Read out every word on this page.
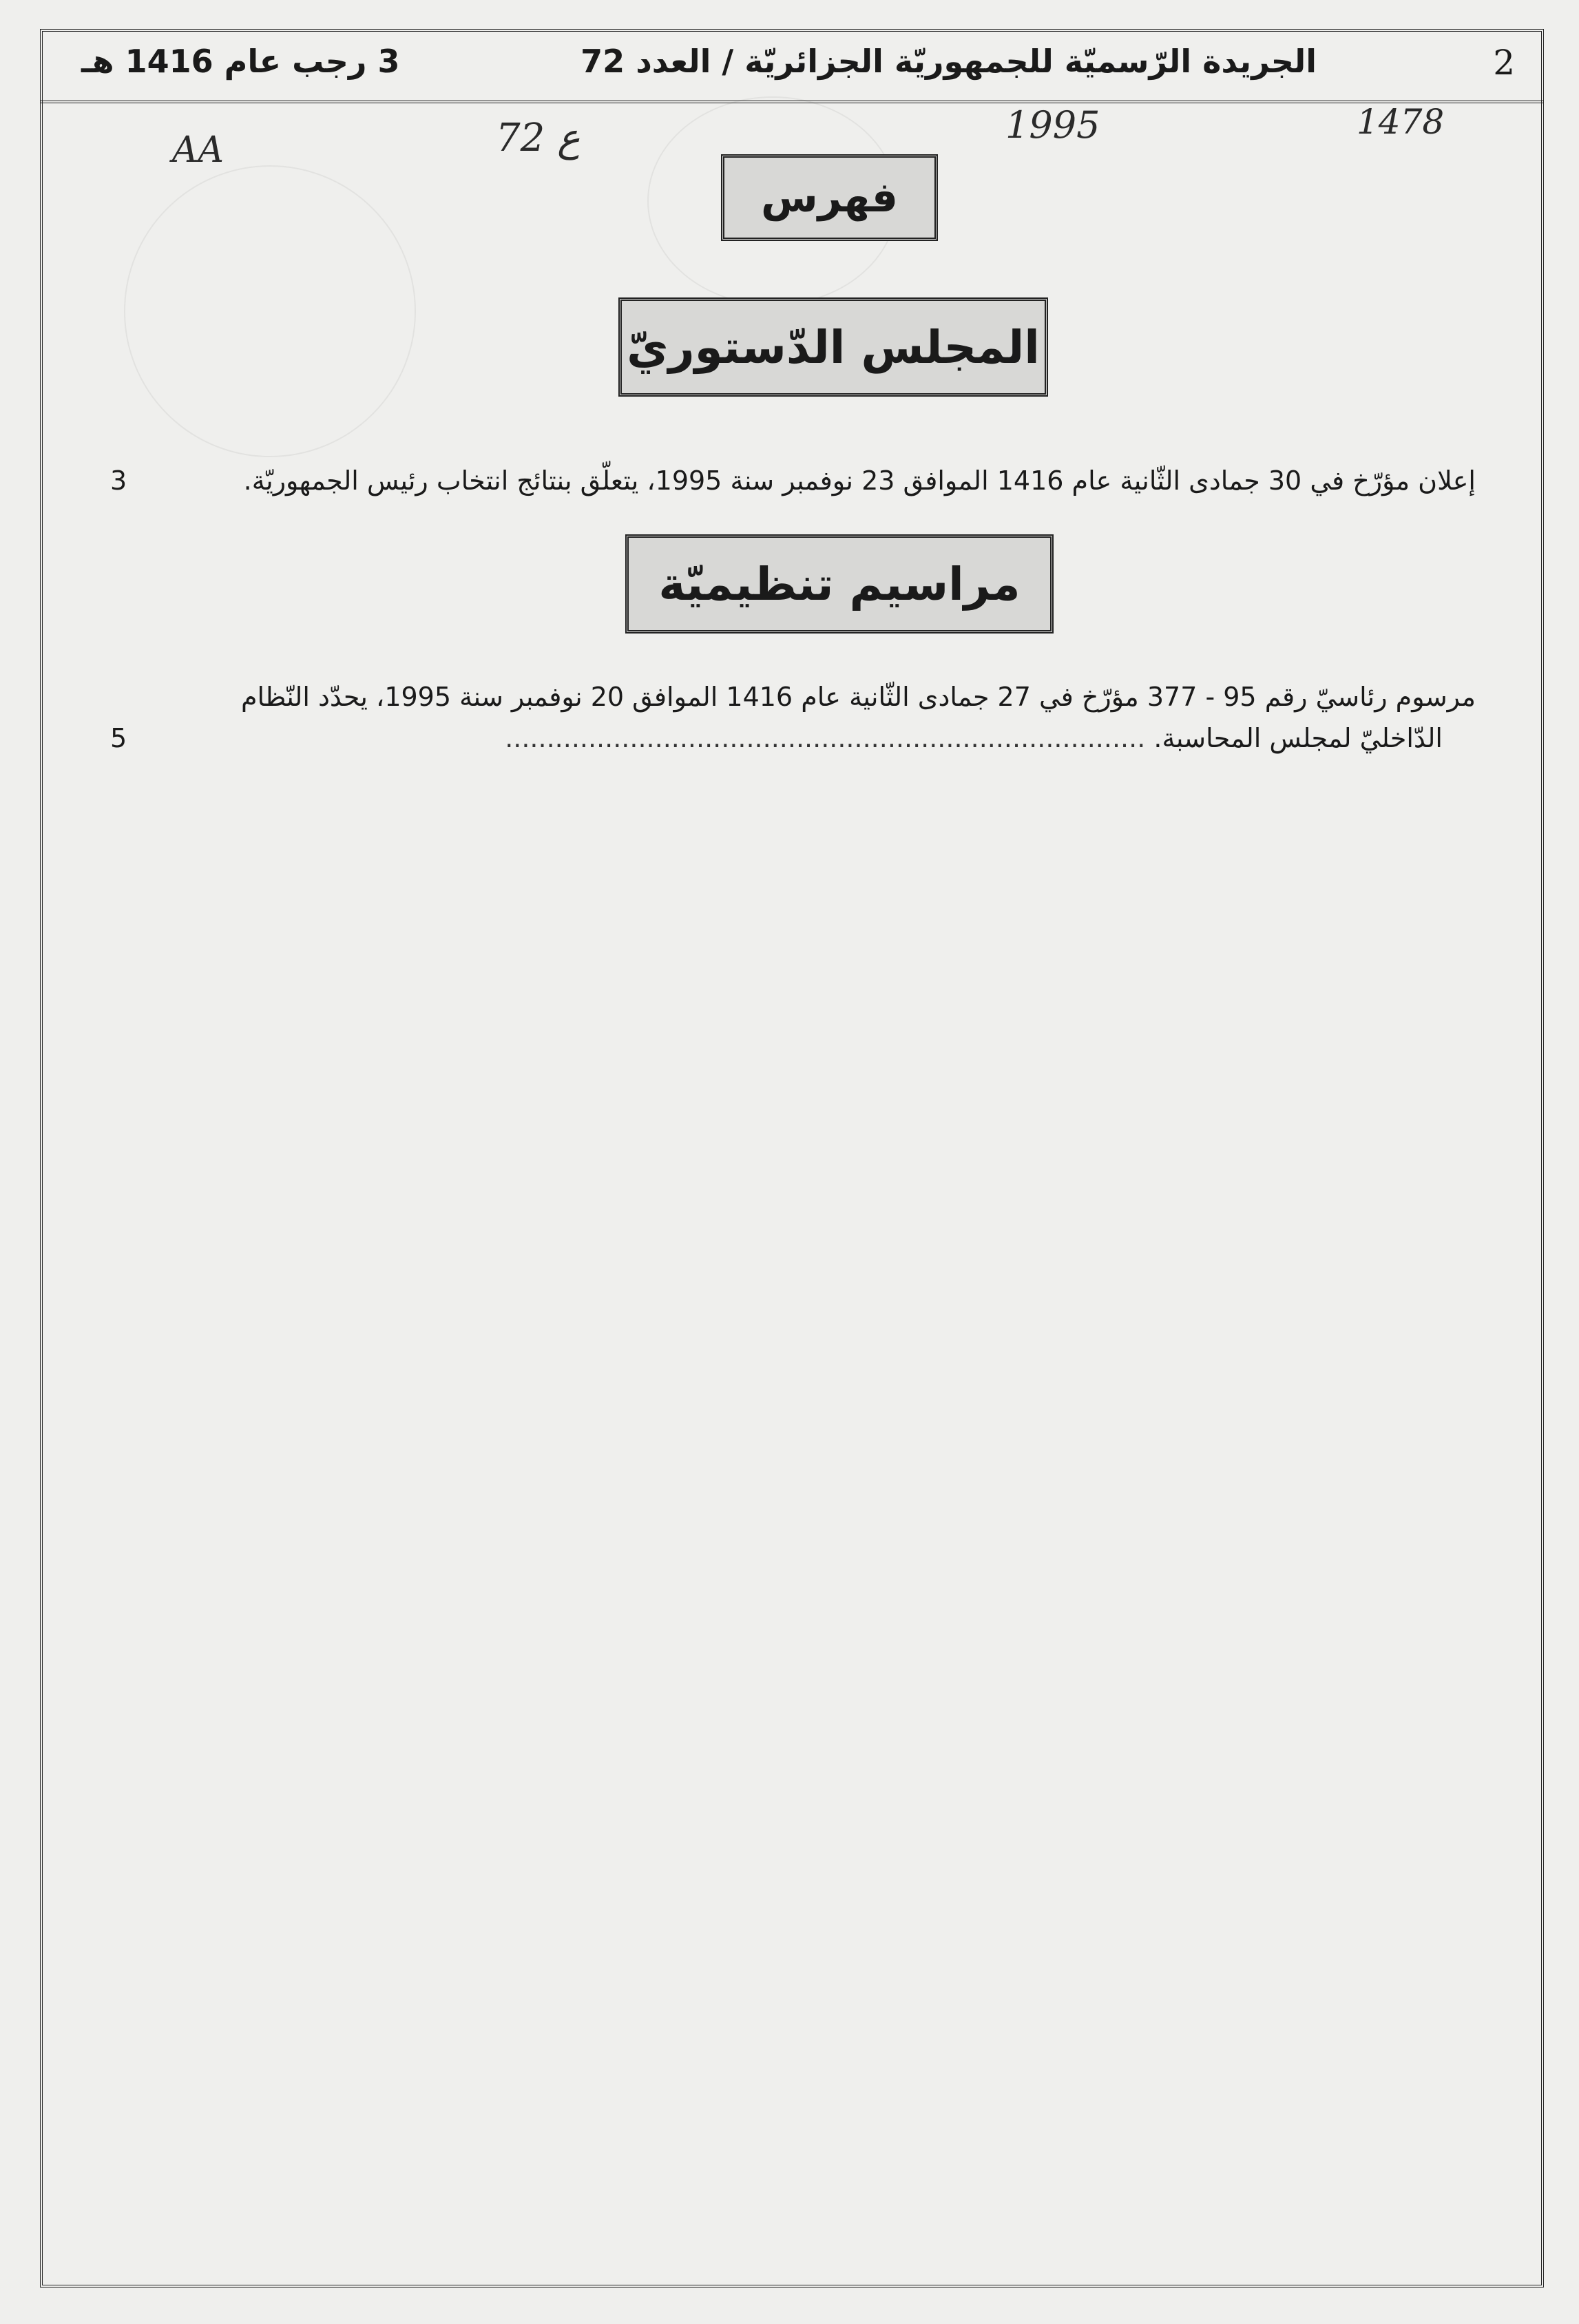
2
الجريدة الرّسميّة للجمهوريّة الجزائريّة / العدد 72
3 رجب عام 1416 هـ
1478
1995
72 ع
AA
فهرس
المجلس الدّستوريّ
إعلان مؤرّخ في 30 جمادى الثّانية عام 1416 الموافق 23 نوفمبر سنة 1995، يتعلّق بنتائج انتخاب رئيس الجمهوريّة.
3
مراسيم تنظيميّة
مرسوم رئاسيّ رقم 95 - 377 مؤرّخ في 27 جمادى الثّانية عام 1416 الموافق 20 نوفمبر سنة 1995، يحدّد النّظام
الدّاخليّ لمجلس المحاسبة. .............................................................................
5
